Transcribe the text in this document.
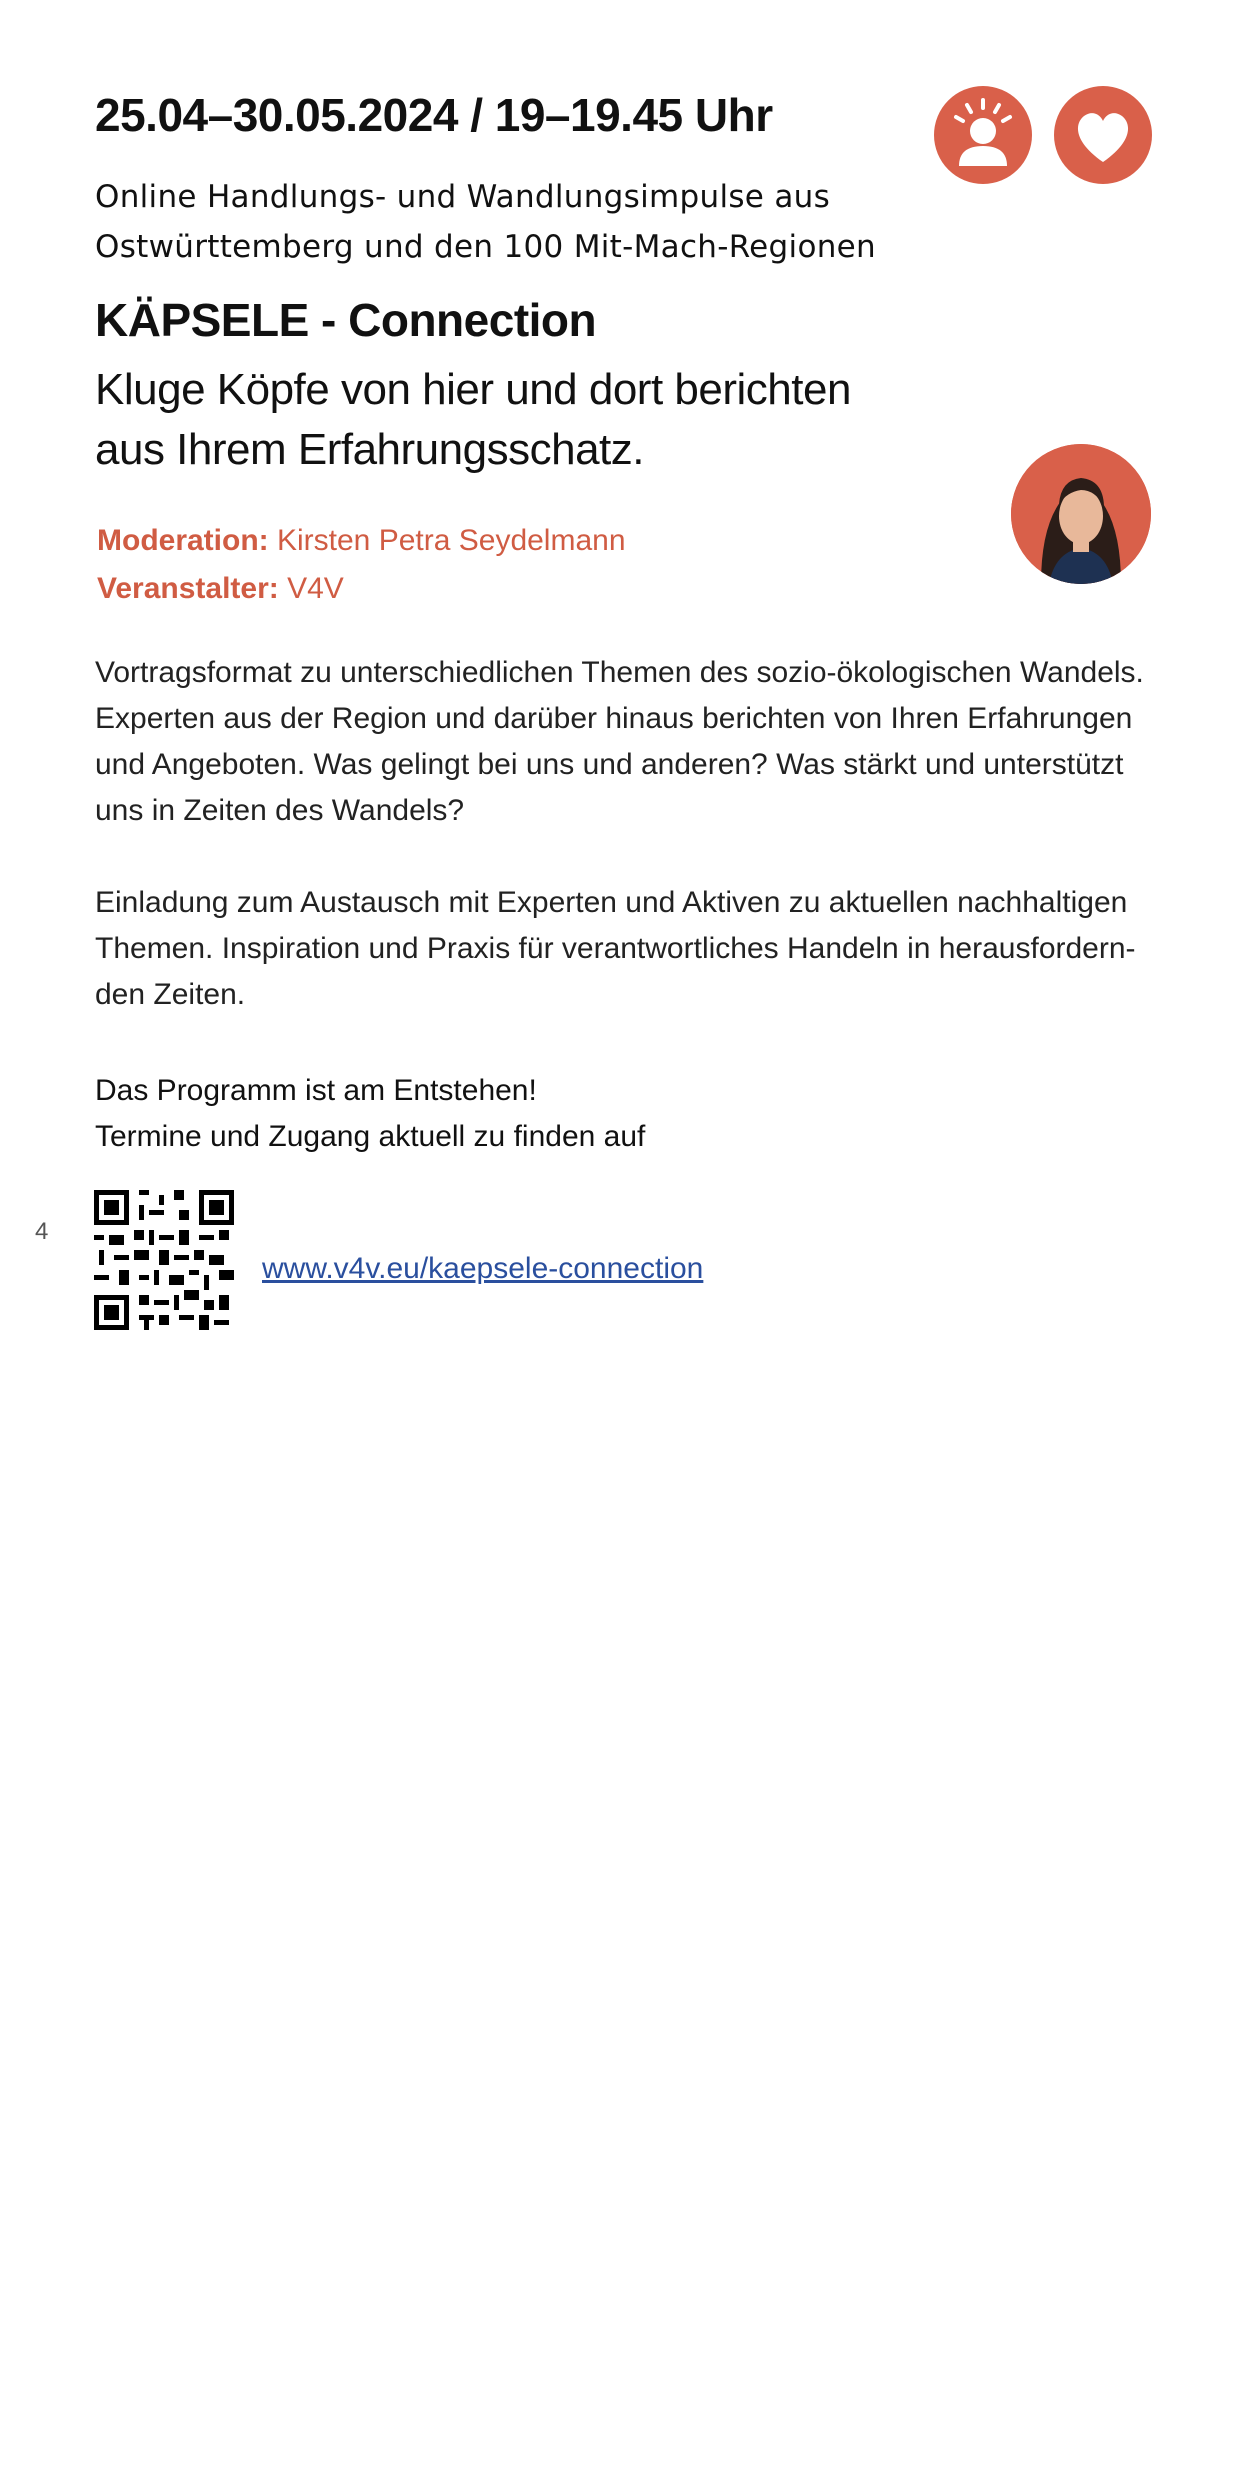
25.04–30.05.2024 / 19–19.45 Uhr
Online Handlungs- und Wandlungsimpulse aus
Ostwürttemberg und den 100 Mit-Mach-Regionen
KÄPSELE - Connection
Kluge Köpfe von hier und dort berichten
aus Ihrem Erfahrungsschatz.
Moderation: Kirsten Petra Seydelmann
Veranstalter: V4V

Vortragsformat zu unterschiedlichen Themen des sozio-ökologischen Wandels. Experten aus der Region und darüber hinaus berichten von Ihren Erfahrungen und Angeboten. Was gelingt bei uns und anderen? Was stärkt und unterstützt uns in Zeiten des Wandels?

Einladung zum Austausch mit Experten und Aktiven zu aktuellen nachhaltigen Themen. Inspiration und Praxis für verantwortliches Handeln in herausfordern-den Zeiten.

Das Programm ist am Entstehen!
Termine und Zugang aktuell zu finden auf
4
www.v4v.eu/kaepsele-connection
